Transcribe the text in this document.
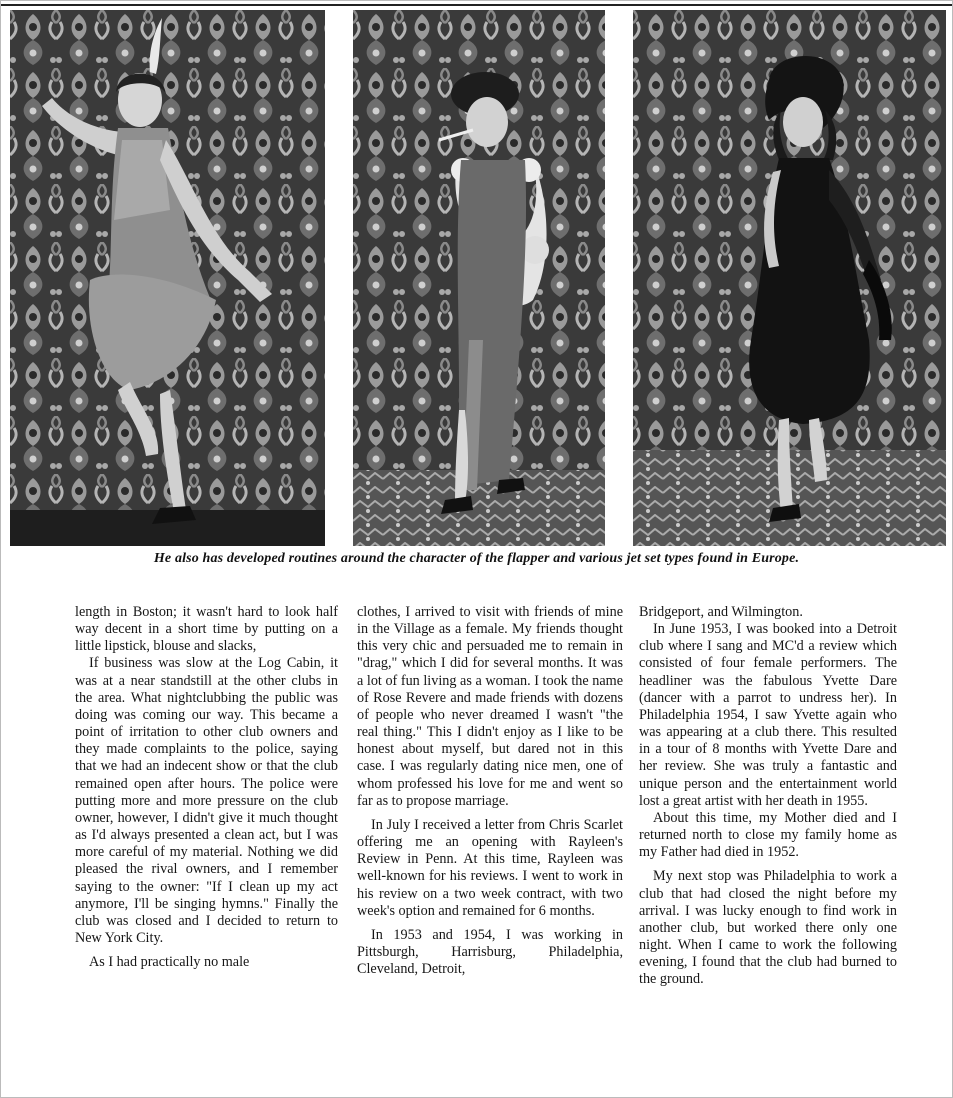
He also has developed routines around the character of the flapper and various jet set types found in Europe.

length in Boston; it wasn't hard to look half way decent in a short time by putting on a little lipstick, blouse and slacks,

If business was slow at the Log Cabin, it was at a near standstill at the other clubs in the area. What nightclubbing the public was doing was coming our way. This became a point of irritation to other club owners and they made complaints to the police, saying that we had an indecent show or that the club remained open after hours. The police were putting more and more pressure on the club owner, however, I didn't give it much thought as I'd always presented a clean act, but I was more careful of my material. Nothing we did pleased the rival owners, and I remember saying to the owner: "If I clean up my act anymore, I'll be singing hymns." Finally the club was closed and I decided to return to New York City.

As I had practically no male

clothes, I arrived to visit with friends of mine in the Village as a female. My friends thought this very chic and persuaded me to remain in "drag," which I did for several months. It was a lot of fun living as a woman. I took the name of Rose Revere and made friends with dozens of people who never dreamed I wasn't "the real thing." This I didn't enjoy as I like to be honest about myself, but dared not in this case. I was regularly dating nice men, one of whom professed his love for me and went so far as to propose marriage.

In July I received a letter from Chris Scarlet offering me an opening with Rayleen's Review in Penn. At this time, Rayleen was well-known for his reviews. I went to work in his review on a two week contract, with two week's option and remained for 6 months.

In 1953 and 1954, I was working in Pittsburgh, Harrisburg, Philadelphia, Cleveland, Detroit,

Bridgeport, and Wilmington.

In June 1953, I was booked into a Detroit club where I sang and MC'd a review which consisted of four female performers. The headliner was the fabulous Yvette Dare (dancer with a parrot to undress her). In Philadelphia 1954, I saw Yvette again who was appearing at a club there. This resulted in a tour of 8 months with Yvette Dare and her review. She was truly a fantastic and unique person and the entertainment world lost a great artist with her death in 1955.

About this time, my Mother died and I returned north to close my family home as my Father had died in 1952.

My next stop was Philadelphia to work a club that had closed the night before my arrival. I was lucky enough to find work in another club, but worked there only one night. When I came to work the following evening, I found that the club had burned to the ground.
